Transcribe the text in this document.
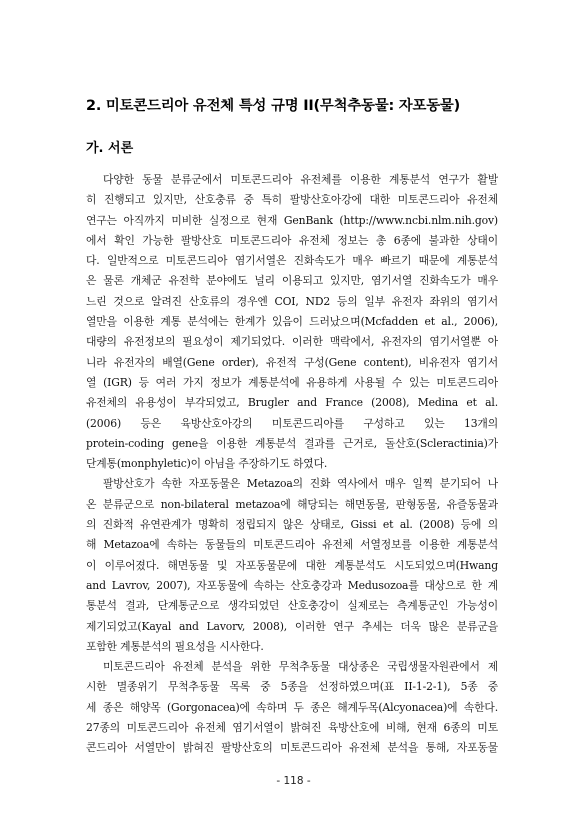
2. 미토콘드리아 유전체 특성 규명 II(무척추동물: 자포동물)
가. 서론
다양한 동물 분류군에서 미토콘드리아 유전체를 이용한 계통분석 연구가 활발
히 진행되고 있지만, 산호충류 중 특히 팔방산호아강에 대한 미토콘드리아 유전체
연구는 아직까지 미비한 실정으로 현재 GenBank (http://www.ncbi.nlm.nih.gov)
에서 확인 가능한 팔방산호 미토콘드리아 유전체 정보는 총 6종에 불과한 상태이
다. 일반적으로 미토콘드리아 염기서열은 진화속도가 매우 빠르기 때문에 계통분석
은 물론 개체군 유전학 분야에도 널리 이용되고 있지만, 염기서열 진화속도가 매우
느린 것으로 알려진 산호류의 경우엔 COI, ND2 등의 일부 유전자 좌위의 염기서
열만을 이용한 계통 분석에는 한계가 있음이 드러났으며(Mcfadden et al., 2006),
대량의 유전정보의 필요성이 제기되었다. 이러한 맥락에서, 유전자의 염기서열뿐 아
니라 유전자의 배열(Gene order), 유전적 구성(Gene content), 비유전자 염기서
열 (IGR) 등 여러 가지 정보가 계통분석에 유용하게 사용될 수 있는 미토콘드리아
유전체의 유용성이 부각되었고, Brugler and France (2008), Medina et al.
(2006) 등은 육방산호아강의 미토콘드리아를 구성하고 있는 13개의
protein-coding gene을 이용한 계통분석 결과를 근거로, 돌산호(Scleractinia)가
단계통(monphyletic)이 아님을 주장하기도 하였다.
팔방산호가 속한 자포동물은 Metazoa의 진화 역사에서 매우 일찍 분기되어 나
온 분류군으로 non-bilateral metazoa에 해당되는 해면동물, 판형동물, 유즐동물과
의 진화적 유연관계가 명확히 정립되지 않은 상태로, Gissi et al. (2008) 등에 의
해 Metazoa에 속하는 동물들의 미토콘드리아 유전체 서열정보를 이용한 계통분석
이 이루어졌다. 해면동물 및 자포동물문에 대한 계통분석도 시도되었으며(Hwang
and Lavrov, 2007), 자포동물에 속하는 산호충강과 Medusozoa를 대상으로 한 계
통분석 결과, 단계통군으로 생각되었던 산호충강이 실제로는 측계통군인 가능성이
제기되었고(Kayal and Lavorv, 2008), 이러한 연구 추세는 더욱 많은 분류군을
포함한 계통분석의 필요성을 시사한다.
미토콘드리아 유전체 분석을 위한 무척추동물 대상종은 국립생물자원관에서 제
시한 멸종위기 무척추동물 목록 중 5종을 선정하였으며(표 II-1-2-1), 5종 중
세 종은 해양목 (Gorgonacea)에 속하며 두 종은 해계두목(Alcyonacea)에 속한다.
27종의 미토콘드리아 유전체 염기서열이 밝혀진 육방산호에 비해, 현재 6종의 미토
콘드리아 서열만이 밝혀진 팔방산호의 미토콘드리아 유전체 분석을 통해, 자포동물
- 118 -
